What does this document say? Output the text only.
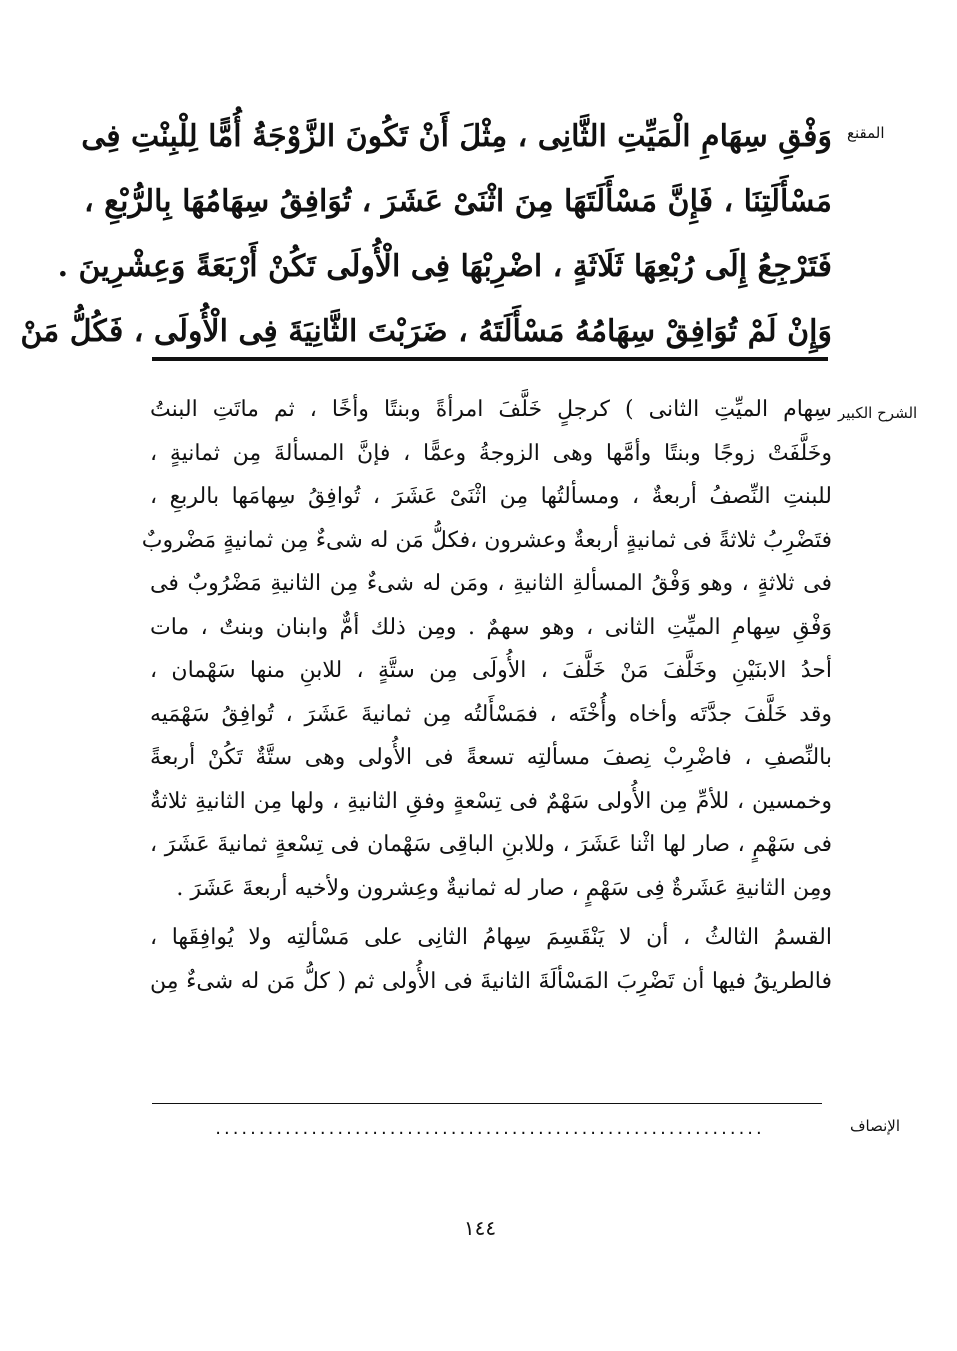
المقنع
وَفْقِ سِهَامِ الْمَيِّتِ الثَّانِى ، مِثْلَ أَنْ تَكُونَ الزَّوْجَةُ أُمًّا لِلْبِنْتِ فِى
مَسْأَلَتِنَا ، فَإِنَّ مَسْأَلَتَهَا مِنَ اثْنَىْ عَشَرَ ، تُوَافِقُ سِهَامُهَا بِالرُّبْعِ ،
فَتَرْجِعُ إِلَى رُبْعِهَا ثَلَاثَةٍ ، اضْرِبْهَا فِى الْأُولَى تَكُنْ أَرْبَعَةً وَعِشْرِينَ .
وَإِنْ لَمْ تُوَافِقْ سِهَامُهُ مَسْأَلَتَهُ ، ضَرَبْتَ الثَّانِيَةَ فِى الْأُولَى ، فَكُلُّ مَنْ
الشرح الكبير
سِهام الميِّتِ الثانى ) كرجلٍ خَلَّفَ امرأةً وبنتًا وأخًا ، ثم ماتَتِ البنتُ
وخَلَّفَتْ زوجًا وبنتًا وأمَّها وهى الزوجةُ وعمًّا ، فإنَّ المسألةَ مِن ثمانيةٍ ،
للبنتِ النِّصفُ أربعةٌ ، ومسألتُها مِن اثْنَىْ عَشَرَ ، تُوافِقُ سِهامَها بالربعِ ،
فتَضْرِبُ ثلاثةً فى ثمانيةٍ أربعةٌ وعشرون ،فكلُّ مَن له شىءٌ مِن ثمانيةٍ مَضْروبٌ
فى ثلاثةٍ ، وهو وَفْقُ المسألةِ الثانيةِ ، ومَن له شىءٌ مِن الثانيةِ مَضْرُوبٌ فى
وَفْقِ سِهامِ الميِّتِ الثانى ، وهو سهمٌ . ومِن ذلك أمٌّ وابنان وبنتٌ ، مات
أحدُ الابنَيْنِ وخَلَّفَ مَنْ خَلَّفَ ، الأُولَى مِن ستَّةٍ ، للابنِ منها سَهْمان ،
وقد خَلَّفَ جدَّتَه وأخاه وأُخْتَه ، فمَسْأَلتُه مِن ثمانيةَ عَشَرَ ، تُوافِقُ سَهْمَيه
بالنِّصفِ ، فاضْرِبْ نِصفَ مسألتِه تسعةً فى الأُولى وهى ستَّةٌ تَكُنْ أربعةً
وخمسين ، للأمِّ مِن الأُولى سَهْمٌ فى تِسْعةٍ وفقِ الثانيةِ ، ولها مِن الثانيةِ ثلاثةٌ
فى سَهْمٍ ، صار لها اثْنا عَشَرَ ، وللابنِ الباقِى سَهْمان فى تِسْعةٍ ثمانيةَ عَشَرَ ،
ومِن الثانيةِ عَشَرةٌ فِى سَهْمٍ ، صار له ثمانيةٌ وعِشرون ولأخيه أربعةَ عَشَرَ .
القسمُ الثالثُ ، أن لا يَنْقَسِمَ سِهامُ الثانِى على مَسْألتِه ولا يُوافِقَها ،
فالطريقُ فيها أن تَضْرِبَ المَسْألَةَ الثانيةَ فى الأُولى ثم ( كلُّ مَن له شىءٌ مِن
الإنصاف
...............................................................
١٤٤
